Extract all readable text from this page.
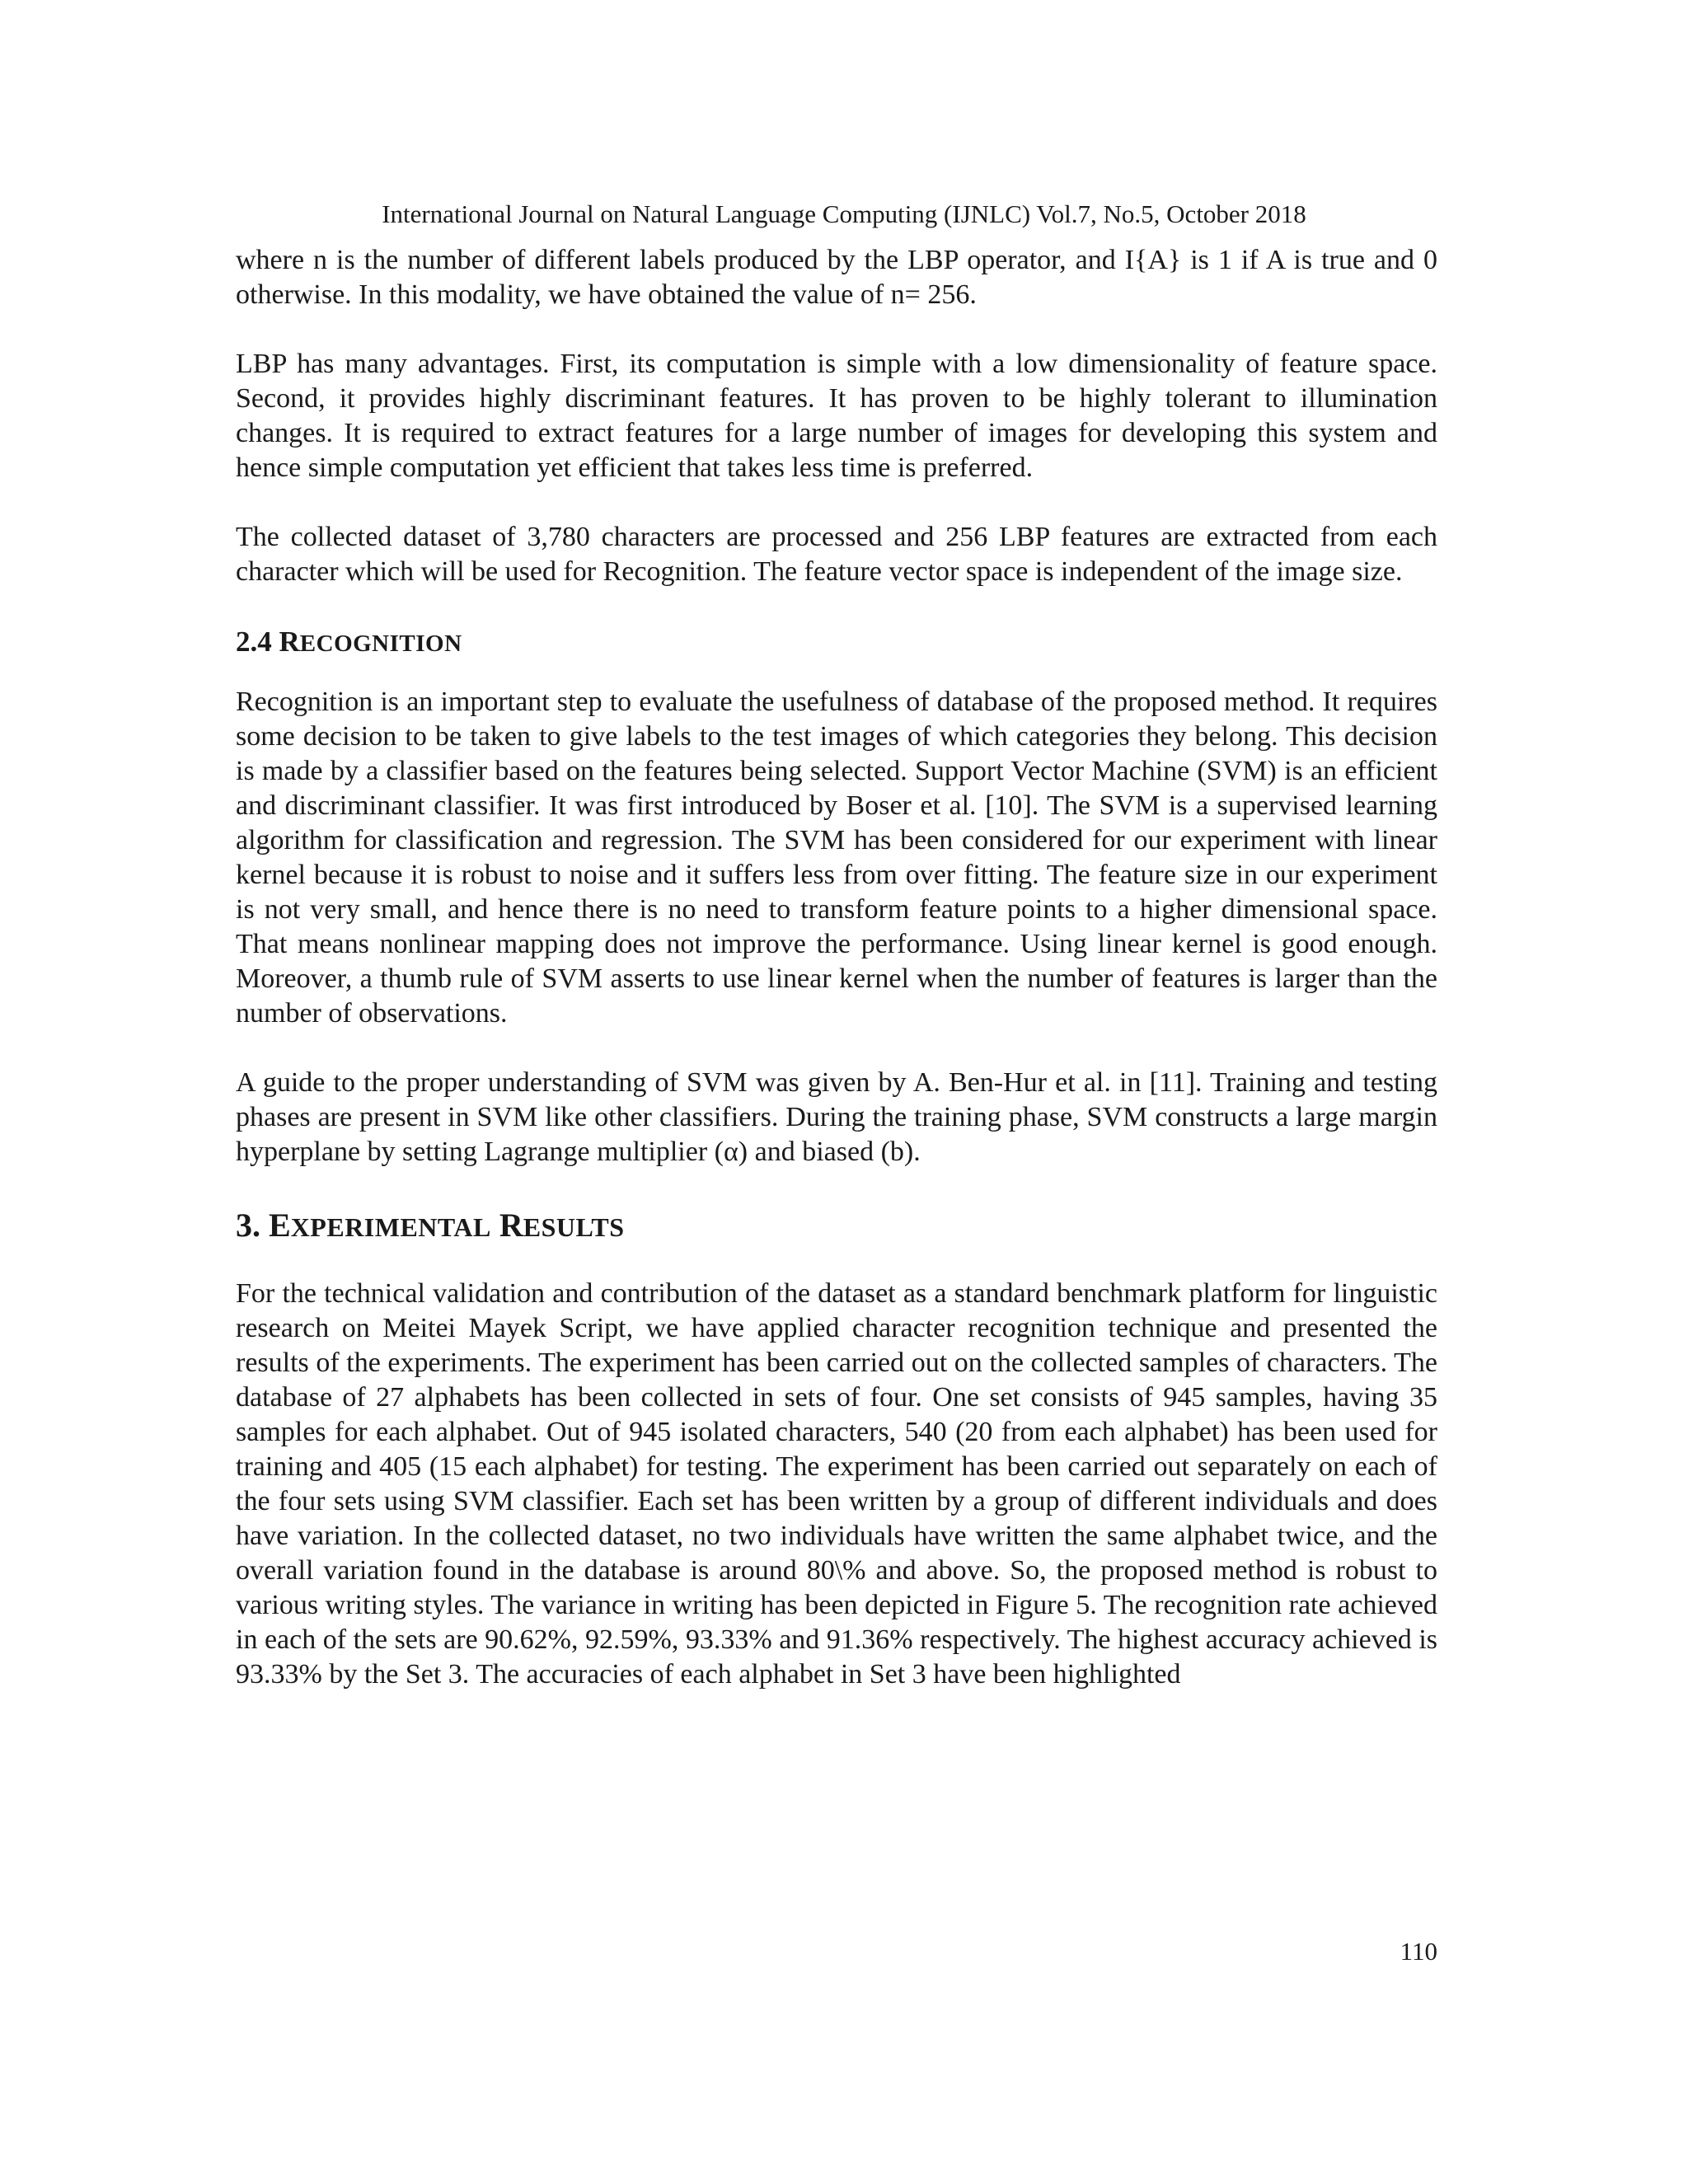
International Journal on Natural Language Computing (IJNLC) Vol.7, No.5, October 2018

where n is the number of different labels produced by the LBP operator, and I{A} is 1 if A is true and 0 otherwise. In this modality, we have obtained the value of n= 256.

LBP has many advantages. First, its computation is simple with a low dimensionality of feature space. Second, it provides highly discriminant features. It has proven to be highly tolerant to illumination changes. It is required to extract features for a large number of images for developing this system and hence simple computation yet efficient that takes less time is preferred.

The collected dataset of 3,780 characters are processed and 256 LBP features are extracted from each character which will be used for Recognition. The feature vector space is independent of the image size.

2.4 RECOGNITION

Recognition is an important step to evaluate the usefulness of database of the proposed method. It requires some decision to be taken to give labels to the test images of which categories they belong. This decision is made by a classifier based on the features being selected. Support Vector Machine (SVM) is an efficient and discriminant classifier. It was first introduced by Boser et al. [10]. The SVM is a supervised learning algorithm for classification and regression. The SVM has been considered for our experiment with linear kernel because it is robust to noise and it suffers less from over fitting. The feature size in our experiment is not very small, and hence there is no need to transform feature points to a higher dimensional space. That means nonlinear mapping does not improve the performance. Using linear kernel is good enough. Moreover, a thumb rule of SVM asserts to use linear kernel when the number of features is larger than the number of observations.

A guide to the proper understanding of SVM was given by A. Ben-Hur et al. in [11]. Training and testing phases are present in SVM like other classifiers. During the training phase, SVM constructs a large margin hyperplane by setting Lagrange multiplier (α) and biased (b).

3. EXPERIMENTAL RESULTS

For the technical validation and contribution of the dataset as a standard benchmark platform for linguistic research on Meitei Mayek Script, we have applied character recognition technique and presented the results of the experiments. The experiment has been carried out on the collected samples of characters. The database of 27 alphabets has been collected in sets of four. One set consists of 945 samples, having 35 samples for each alphabet. Out of 945 isolated characters, 540 (20 from each alphabet) has been used for training and 405 (15 each alphabet) for testing. The experiment has been carried out separately on each of the four sets using SVM classifier. Each set has been written by a group of different individuals and does have variation. In the collected dataset, no two individuals have written the same alphabet twice, and the overall variation found in the database is around 80\% and above. So, the proposed method is robust to various writing styles. The variance in writing has been depicted in Figure 5. The recognition rate achieved in each of the sets are 90.62%, 92.59%, 93.33% and 91.36% respectively. The highest accuracy achieved is 93.33% by the Set 3. The accuracies of each alphabet in Set 3 have been highlighted

110
